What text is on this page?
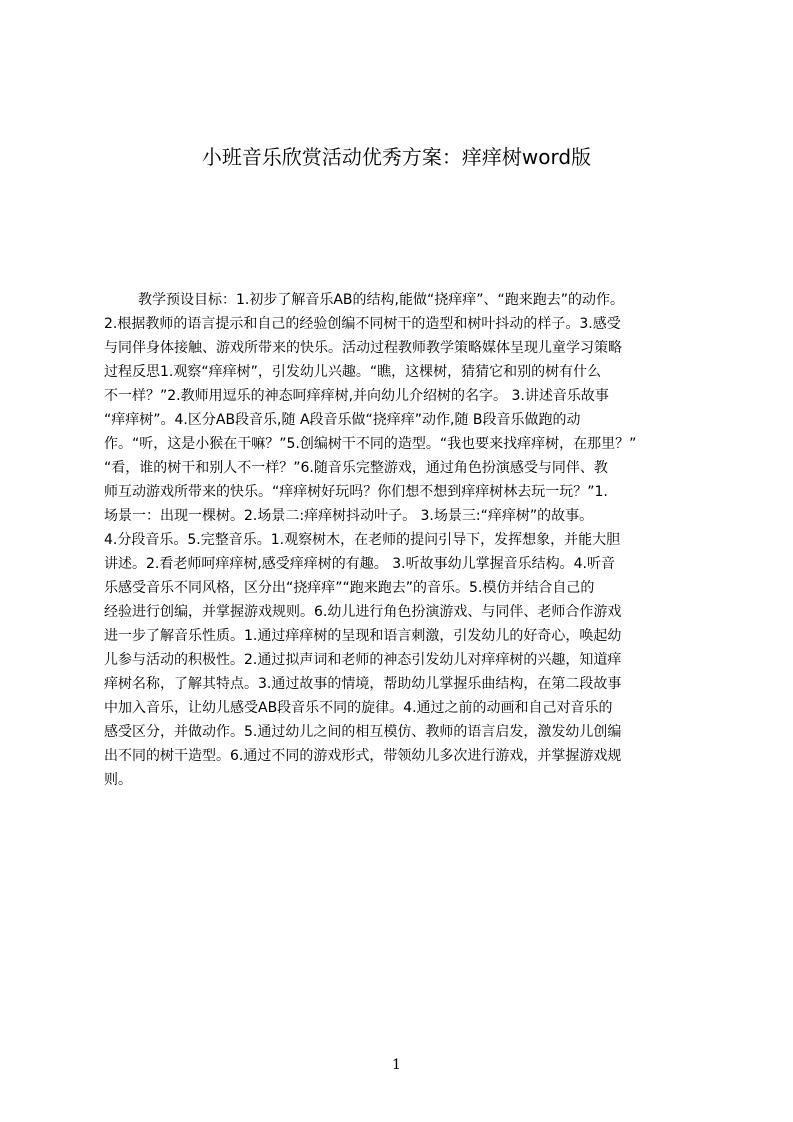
小班音乐欣赏活动优秀方案：痒痒树word版
教学预设目标：1.初步了解音乐AB的结构,能做“挠痒痒”、“跑来跑去”的动作。
2.根据教师的语言提示和自己的经验创编不同树干的造型和树叶抖动的样子。3.感受
与同伴身体接触、游戏所带来的快乐。活动过程教师教学策略媒体呈现儿童学习策略
过程反思1.观察“痒痒树”，引发幼儿兴趣。“瞧，这棵树，猜猜它和别的树有什么
不一样？”2.教师用逗乐的神态呵痒痒树,并向幼儿介绍树的名字。 3.讲述音乐故事
“痒痒树”。4.区分AB段音乐,随 A段音乐做“挠痒痒”动作,随 B段音乐做跑的动
作。“听，这是小猴在干嘛？”5.创编树干不同的造型。“我也要来找痒痒树，在那里？”
“看，谁的树干和别人不一样？”6.随音乐完整游戏，通过角色扮演感受与同伴、教
师互动游戏所带来的快乐。“痒痒树好玩吗？你们想不想到痒痒树林去玩一玩？”1.
场景一：出现一棵树。2.场景二:痒痒树抖动叶子。 3.场景三:“痒痒树”的故事。
4.分段音乐。5.完整音乐。1.观察树木，在老师的提问引导下，发挥想象，并能大胆
讲述。2.看老师呵痒痒树,感受痒痒树的有趣。 3.听故事幼儿掌握音乐结构。4.听音
乐感受音乐不同风格，区分出“挠痒痒”“跑来跑去”的音乐。5.模仿并结合自己的
经验进行创编，并掌握游戏规则。6.幼儿进行角色扮演游戏、与同伴、老师合作游戏
进一步了解音乐性质。1.通过痒痒树的呈现和语言刺激，引发幼儿的好奇心，唤起幼
儿参与活动的积极性。2.通过拟声词和老师的神态引发幼儿对痒痒树的兴趣，知道痒
痒树名称，了解其特点。3.通过故事的情境，帮助幼儿掌握乐曲结构，在第二段故事
中加入音乐，让幼儿感受AB段音乐不同的旋律。4.通过之前的动画和自己对音乐的
感受区分，并做动作。5.通过幼儿之间的相互模仿、教师的语言启发，激发幼儿创编
出不同的树干造型。6.通过不同的游戏形式，带领幼儿多次进行游戏，并掌握游戏规
则。
1
